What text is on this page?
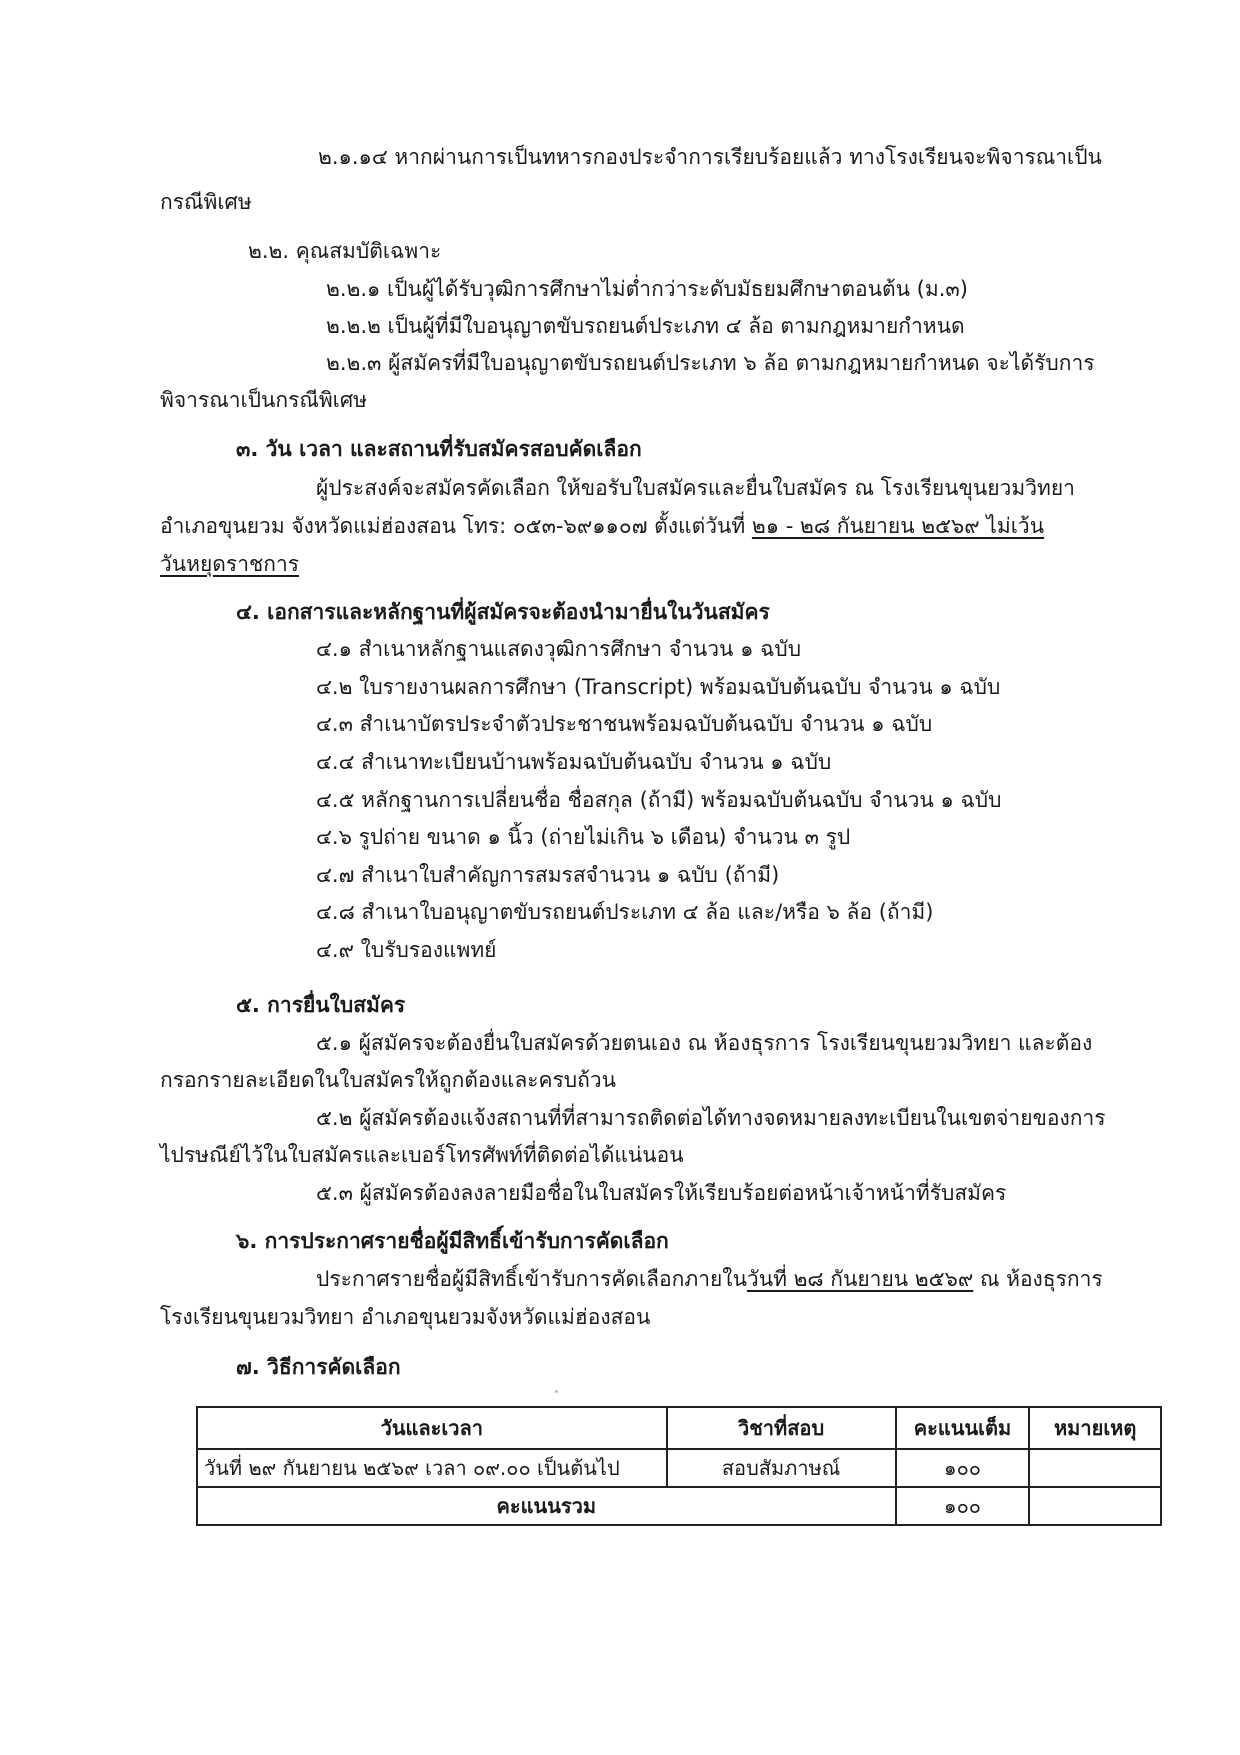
๒.๑.๑๔ หากผ่านการเป็นทหารกองประจำการเรียบร้อยแล้ว ทางโรงเรียนจะพิจารณาเป็น
กรณีพิเศษ
๒.๒. คุณสมบัติเฉพาะ
๒.๒.๑ เป็นผู้ได้รับวุฒิการศึกษาไม่ต่ำกว่าระดับมัธยมศึกษาตอนต้น (ม.๓)
๒.๒.๒ เป็นผู้ที่มีใบอนุญาตขับรถยนต์ประเภท ๔ ล้อ ตามกฎหมายกำหนด
๒.๒.๓ ผู้สมัครที่มีใบอนุญาตขับรถยนต์ประเภท ๖ ล้อ ตามกฎหมายกำหนด จะได้รับการ
พิจารณาเป็นกรณีพิเศษ
๓. วัน เวลา และสถานที่รับสมัครสอบคัดเลือก
ผู้ประสงค์จะสมัครคัดเลือก ให้ขอรับใบสมัครและยื่นใบสมัคร ณ โรงเรียนขุนยวมวิทยา
อำเภอขุนยวม จังหวัดแม่ฮ่องสอน โทร: ๐๕๓-๖๙๑๑๐๗ ตั้งแต่วันที่ ๒๑ - ๒๘ กันยายน ๒๕๖๙ ไม่เว้น
วันหยุดราชการ
๔. เอกสารและหลักฐานที่ผู้สมัครจะต้องนำมายื่นในวันสมัคร
๔.๑ สำเนาหลักฐานแสดงวุฒิการศึกษา จำนวน ๑ ฉบับ
๔.๒ ใบรายงานผลการศึกษา (Transcript) พร้อมฉบับต้นฉบับ จำนวน ๑ ฉบับ
๔.๓ สำเนาบัตรประจำตัวประชาชนพร้อมฉบับต้นฉบับ จำนวน ๑ ฉบับ
๔.๔ สำเนาทะเบียนบ้านพร้อมฉบับต้นฉบับ จำนวน ๑ ฉบับ
๔.๕ หลักฐานการเปลี่ยนชื่อ ชื่อสกุล (ถ้ามี) พร้อมฉบับต้นฉบับ จำนวน ๑ ฉบับ
๔.๖ รูปถ่าย ขนาด ๑ นิ้ว (ถ่ายไม่เกิน ๖ เดือน) จำนวน ๓ รูป
๔.๗ สำเนาใบสำคัญการสมรสจำนวน ๑ ฉบับ (ถ้ามี)
๔.๘ สำเนาใบอนุญาตขับรถยนต์ประเภท ๔ ล้อ และ/หรือ ๖ ล้อ (ถ้ามี)
๔.๙ ใบรับรองแพทย์
๕. การยื่นใบสมัคร
๕.๑ ผู้สมัครจะต้องยื่นใบสมัครด้วยตนเอง ณ ห้องธุรการ โรงเรียนขุนยวมวิทยา และต้อง
กรอกรายละเอียดในใบสมัครให้ถูกต้องและครบถ้วน
๕.๒ ผู้สมัครต้องแจ้งสถานที่ที่สามารถติดต่อได้ทางจดหมายลงทะเบียนในเขตจ่ายของการ
ไปรษณีย์ไว้ในใบสมัครและเบอร์โทรศัพท์ที่ติดต่อได้แน่นอน
๕.๓ ผู้สมัครต้องลงลายมือชื่อในใบสมัครให้เรียบร้อยต่อหน้าเจ้าหน้าที่รับสมัคร
๖. การประกาศรายชื่อผู้มีสิทธิ์เข้ารับการคัดเลือก
ประกาศรายชื่อผู้มีสิทธิ์เข้ารับการคัดเลือกภายในวันที่ ๒๘ กันยายน ๒๕๖๙ ณ ห้องธุรการ
โรงเรียนขุนยวมวิทยา อำเภอขุนยวมจังหวัดแม่ฮ่องสอน
๗. วิธีการคัดเลือก
วันและเวลา	วิชาที่สอบ	คะแนนเต็ม	หมายเหตุ
วันที่ ๒๙ กันยายน ๒๕๖๙ เวลา ๐๙.๐๐ เป็นต้นไป	สอบสัมภาษณ์	๑๐๐	
คะแนนรวม		๑๐๐	
